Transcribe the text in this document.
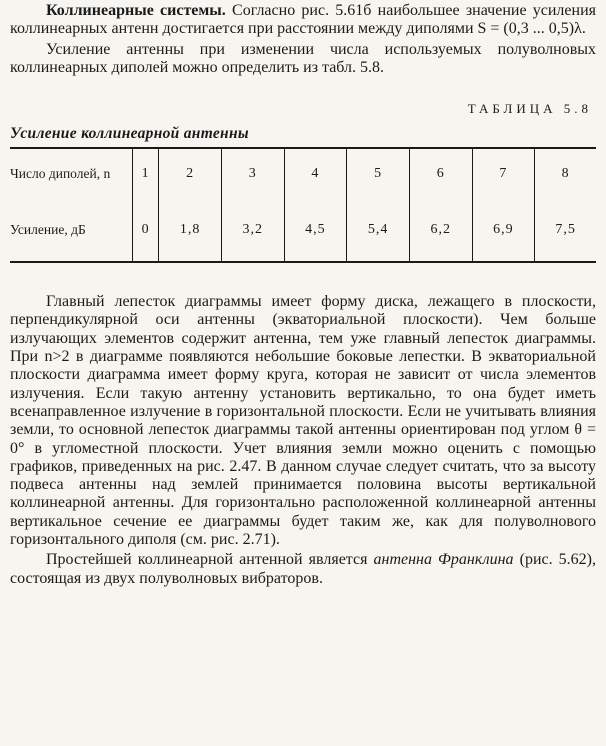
Коллинеарные системы. Согласно рис. 5.61б наибольшее значение усиления коллинеарных антенн достигается при расстоянии между диполями S = (0,3 ... 0,5)λ.

Усиление антенны при изменении числа используемых полуволновых коллинеарных диполей можно определить из табл. 5.8.

ТАБЛИЦА 5.8
Усиление коллинеарной антенны
Число диполей, n	1	2	3	4	5	6	7	8
Усиление, дБ	0	1,8	3,2	4,5	5,4	6,2	6,9	7,5

Главный лепесток диаграммы имеет форму диска, лежащего в плоскости, перпендикулярной оси антенны (экваториальной плоскости). Чем больше излучающих элементов содержит антенна, тем уже главный лепесток диаграммы. При n>2 в диаграмме появляются небольшие боковые лепестки. В экваториальной плоскости диаграмма имеет форму круга, которая не зависит от числа элементов излучения. Если такую антенну установить вертикально, то она будет иметь всенаправленное излучение в горизонтальной плоскости. Если не учитывать влияния земли, то основной лепесток диаграммы такой антенны ориентирован под углом θ = 0° в угломестной плоскости. Учет влияния земли можно оценить с помощью графиков, приведенных на рис. 2.47. В данном случае следует считать, что за высоту подвеса антенны над землей принимается половина высоты вертикальной коллинеарной антенны. Для горизонтально расположенной коллинеарной антенны вертикальное сечение ее диаграммы будет таким же, как для полуволнового горизонтального диполя (см. рис. 2.71).

Простейшей коллинеарной антенной является антенна Франклина (рис. 5.62), состоящая из двух полуволновых вибраторов.
